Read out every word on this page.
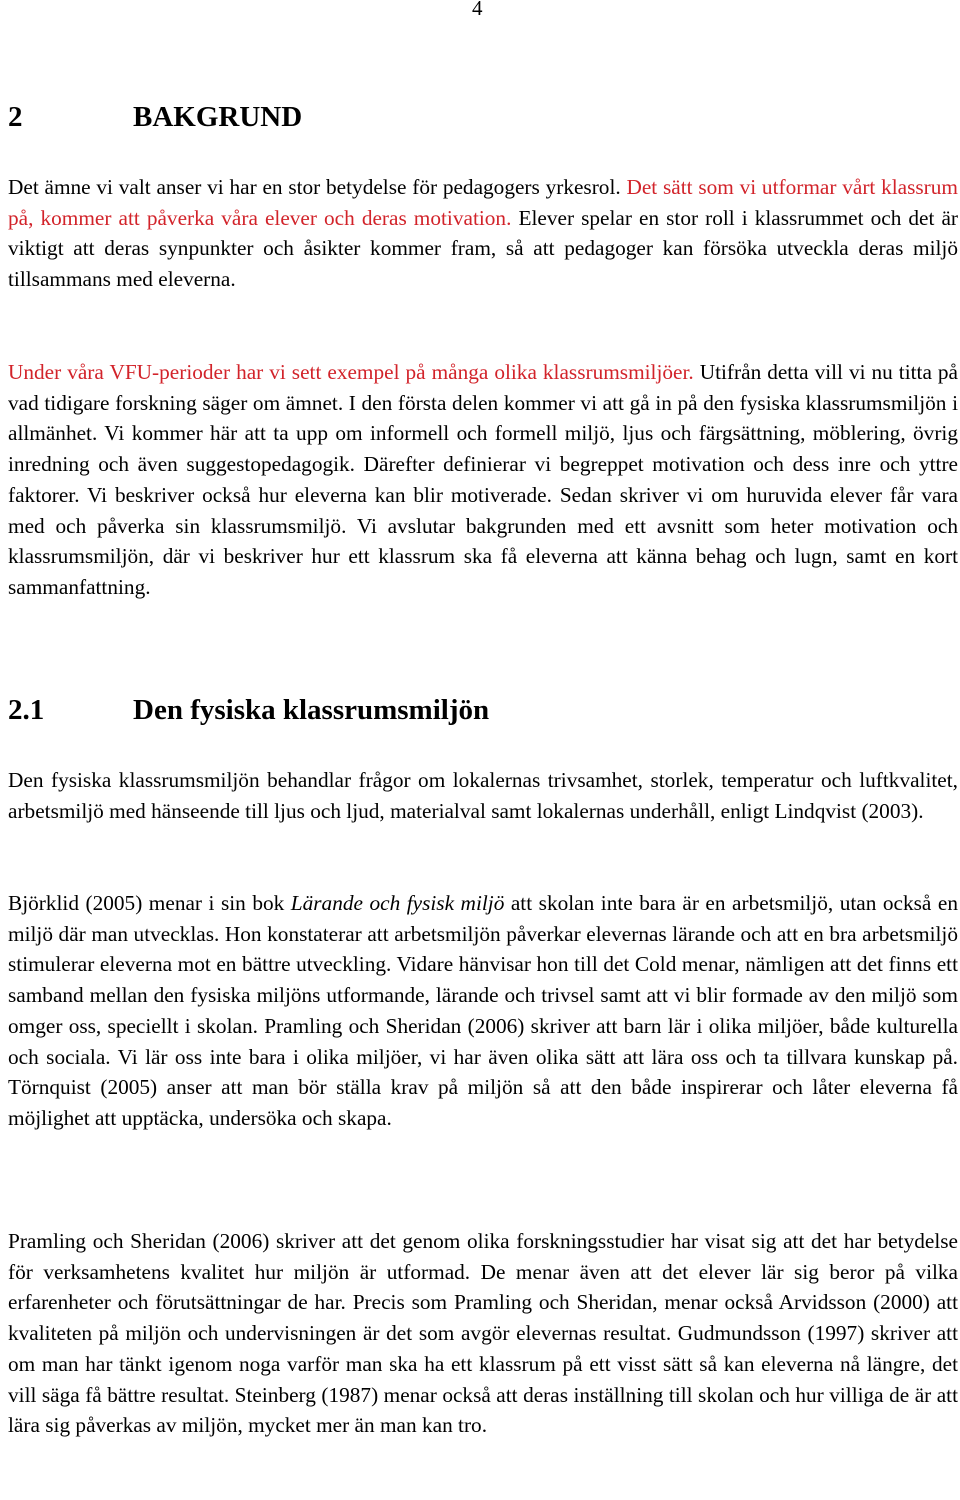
4
2	BAKGRUND

Det ämne vi valt anser vi har en stor betydelse för pedagogers yrkesrol. Det sätt som vi utformar vårt klassrum på, kommer att påverka våra elever och deras motivation. Elever spelar en stor roll i klassrummet och det är viktigt att deras synpunkter och åsikter kommer fram, så att pedagoger kan försöka utveckla deras miljö tillsammans med eleverna.

Under våra VFU-perioder har vi sett exempel på många olika klassrumsmiljöer. Utifrån detta vill vi nu titta på vad tidigare forskning säger om ämnet. I den första delen kommer vi att gå in på den fysiska klassrumsmiljön i allmänhet. Vi kommer här att ta upp om informell och formell miljö, ljus och färgsättning, möblering, övrig inredning och även suggestopedagogik. Därefter definierar vi begreppet motivation och dess inre och yttre faktorer. Vi beskriver också hur eleverna kan blir motiverade. Sedan skriver vi om huruvida elever får vara med och påverka sin klassrumsmiljö. Vi avslutar bakgrunden med ett avsnitt som heter motivation och klassrumsmiljön, där vi beskriver hur ett klassrum ska få eleverna att känna behag och lugn, samt en kort sammanfattning.

2.1	Den fysiska klassrumsmiljön

Den fysiska klassrumsmiljön behandlar frågor om lokalernas trivsamhet, storlek, temperatur och luftkvalitet, arbetsmiljö med hänseende till ljus och ljud, materialval samt lokalernas underhåll, enligt Lindqvist (2003).

Björklid (2005) menar i sin bok Lärande och fysisk miljö att skolan inte bara är en arbetsmiljö, utan också en miljö där man utvecklas. Hon konstaterar att arbetsmiljön påverkar elevernas lärande och att en bra arbetsmiljö stimulerar eleverna mot en bättre utveckling. Vidare hänvisar hon till det Cold menar, nämligen att det finns ett samband mellan den fysiska miljöns utformande, lärande och trivsel samt att vi blir formade av den miljö som omger oss, speciellt i skolan. Pramling och Sheridan (2006) skriver att barn lär i olika miljöer, både kulturella och sociala. Vi lär oss inte bara i olika miljöer, vi har även olika sätt att lära oss och ta tillvara kunskap på. Törnquist (2005) anser att man bör ställa krav på miljön så att den både inspirerar och låter eleverna få möjlighet att upptäcka, undersöka och skapa.

Pramling och Sheridan (2006) skriver att det genom olika forskningsstudier har visat sig att det har betydelse för verksamhetens kvalitet hur miljön är utformad. De menar även att det elever lär sig beror på vilka erfarenheter och förutsättningar de har. Precis som Pramling och Sheridan, menar också Arvidsson (2000) att kvaliteten på miljön och undervisningen är det som avgör elevernas resultat. Gudmundsson (1997) skriver att om man har tänkt igenom noga varför man ska ha ett klassrum på ett visst sätt så kan eleverna nå längre, det vill säga få bättre resultat. Steinberg (1987) menar också att deras inställning till skolan och hur villiga de är att lära sig påverkas av miljön, mycket mer än man kan tro.
